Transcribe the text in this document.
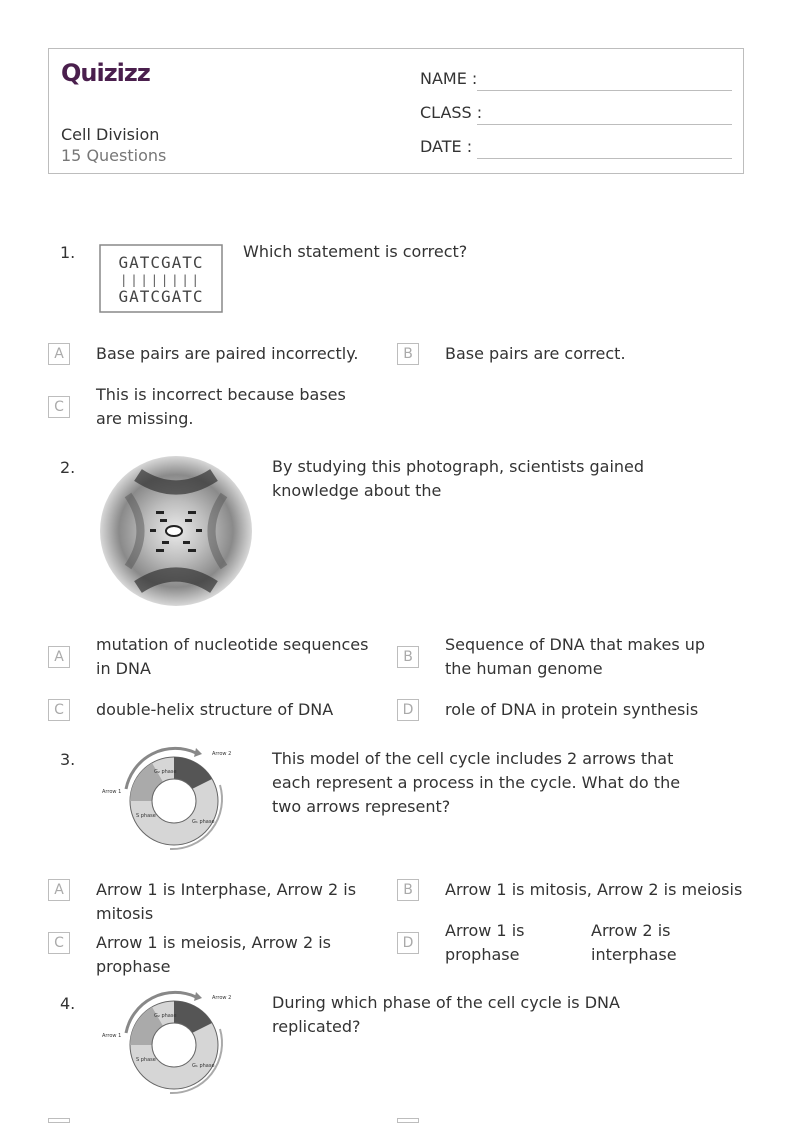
Quizizz
Cell Division
15 Questions
NAME :
CLASS :
DATE :
1.
GATCGATC
||||||||
GATCGATC
Which statement is correct?
A	Base pairs are paired incorrectly.	B	Base pairs are correct.
C
This is incorrect because bases are missing.
2.	By studying this photograph, scientists gained knowledge about the
A
mutation of nucleotide sequences in DNA
B
Sequence of DNA that makes up the human genome
C	double-helix structure of DNA	D	role of DNA in protein synthesis
3.
Arrow 1
Arrow 2
G₂ phase
G₁ phase
S phase
This model of the cell cycle includes 2 arrows that each represent a process in the cycle. What do the two arrows represent?
A	Arrow 1 is Interphase, Arrow 2 is mitosis
B	Arrow 1 is mitosis, Arrow 2 is meiosis
C	Arrow 1 is meiosis, Arrow 2 is prophase
D
Arrow 1 is prophase
Arrow 2 is interphase
4.
Arrow 1
Arrow 2
G₂ phase
G₁ phase
S phase
During which phase of the cell cycle is DNA replicated?
